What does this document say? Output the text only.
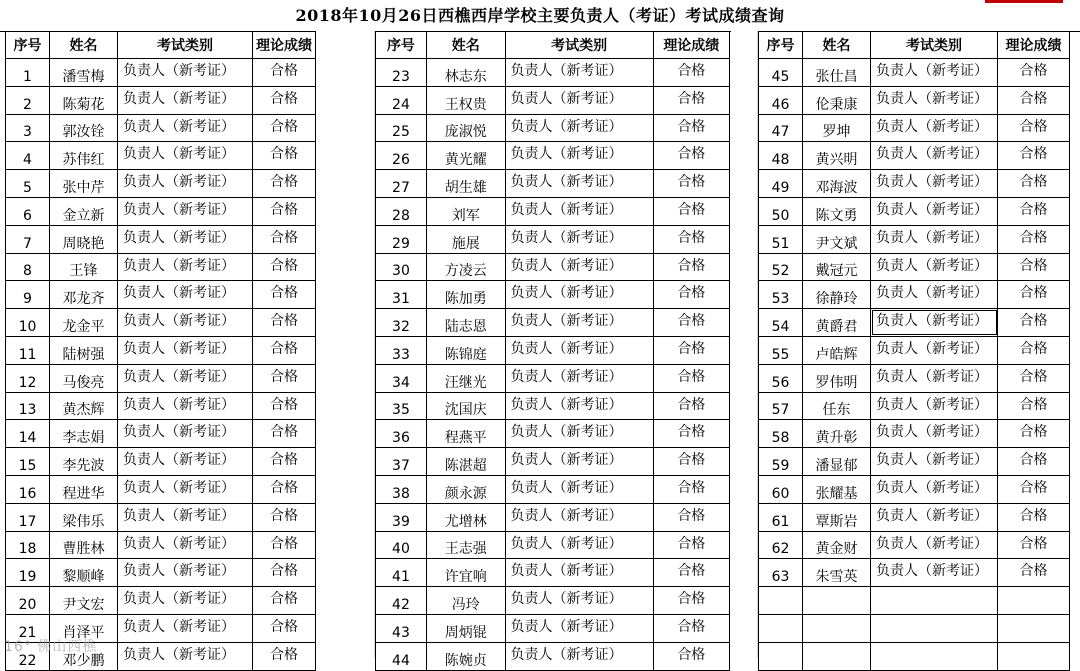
2018年10月26日西樵西岸学校主要负责人（考证）考试成绩查询
序号	姓名	考试类别	理论成绩
1	潘雪梅	负责人（新考证）	合格
2	陈菊花	负责人（新考证）	合格
3	郭汝铨	负责人（新考证）	合格
4	苏伟红	负责人（新考证）	合格
5	张中芹	负责人（新考证）	合格
6	金立新	负责人（新考证）	合格
7	周晓艳	负责人（新考证）	合格
8	王锋	负责人（新考证）	合格
9	邓龙齐	负责人（新考证）	合格
10	龙金平	负责人（新考证）	合格
11	陆树强	负责人（新考证）	合格
12	马俊亮	负责人（新考证）	合格
13	黄杰辉	负责人（新考证）	合格
14	李志娟	负责人（新考证）	合格
15	李先波	负责人（新考证）	合格
16	程进华	负责人（新考证）	合格
17	梁伟乐	负责人（新考证）	合格
18	曹胜林	负责人（新考证）	合格
19	黎顺峰	负责人（新考证）	合格
20	尹文宏	负责人（新考证）	合格
21	肖泽平	负责人（新考证）	合格
22	邓少鹏	负责人（新考证）	合格
序号	姓名	考试类别	理论成绩
23	林志东	负责人（新考证）	合格
24	王权贵	负责人（新考证）	合格
25	庞淑悦	负责人（新考证）	合格
26	黄光耀	负责人（新考证）	合格
27	胡生雄	负责人（新考证）	合格
28	刘军	负责人（新考证）	合格
29	施展	负责人（新考证）	合格
30	方凌云	负责人（新考证）	合格
31	陈加勇	负责人（新考证）	合格
32	陆志恩	负责人（新考证）	合格
33	陈锦庭	负责人（新考证）	合格
34	汪继光	负责人（新考证）	合格
35	沈国庆	负责人（新考证）	合格
36	程燕平	负责人（新考证）	合格
37	陈湛超	负责人（新考证）	合格
38	颜永源	负责人（新考证）	合格
39	尤增林	负责人（新考证）	合格
40	王志强	负责人（新考证）	合格
41	许宜响	负责人（新考证）	合格
42	冯玲	负责人（新考证）	合格
43	周炳锟	负责人（新考证）	合格
44	陈婉贞	负责人（新考证）	合格
序号	姓名	考试类别	理论成绩
45	张仕昌	负责人（新考证）	合格
46	伦秉康	负责人（新考证）	合格
47	罗坤	负责人（新考证）	合格
48	黄兴明	负责人（新考证）	合格
49	邓海波	负责人（新考证）	合格
50	陈文勇	负责人（新考证）	合格
51	尹文斌	负责人（新考证）	合格
52	戴冠元	负责人（新考证）	合格
53	徐静玲	负责人（新考证）	合格
54	黄爵君	负责人（新考证）	合格
55	卢皓辉	负责人（新考证）	合格
56	罗伟明	负责人（新考证）	合格
57	任东	负责人（新考证）	合格
58	黄升彰	负责人（新考证）	合格
59	潘显郁	负责人（新考证）	合格
60	张耀基	负责人（新考证）	合格
61	覃斯岩	负责人（新考证）	合格
62	黄金财	负责人（新考证）	合格
63	朱雪英	负责人（新考证）	合格

16° 佛山西樵
